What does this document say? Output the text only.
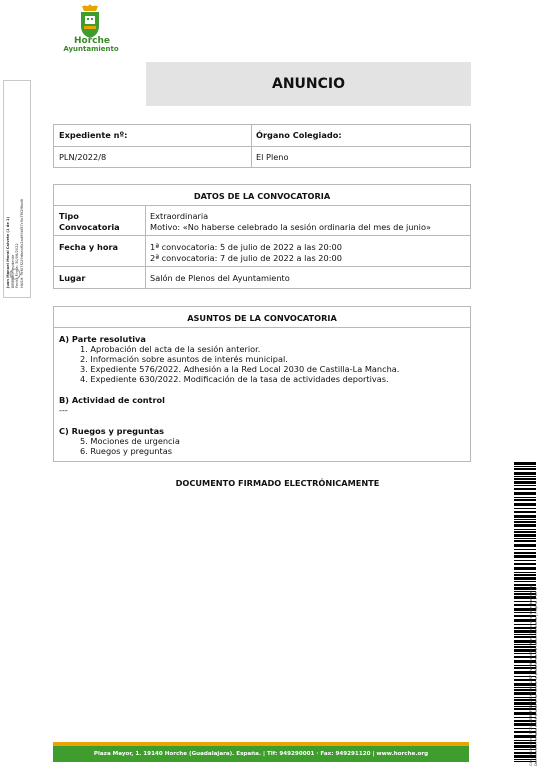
Horche
Ayuntamiento
ANUNCIO
Expediente nº:
PLN/2022/8
Órgano Colegiado:
El Pleno
DATOS DE LA CONVOCATORIA
Tipo
Convocatoria
Extraordinaria
Motivo: «No haberse celebrado la sesión ordinaria del mes de junio»
Fecha y hora	1ª convocatoria: 5 de julio de 2022 a las 20:00
2ª convocatoria: 7 de julio de 2022 a las 20:00
Lugar	Salón de Plenos del Ayuntamiento
ASUNTOS DE LA CONVOCATORIA
A) Parte resolutiva
1. Aprobación del acta de la sesión anterior.
2. Información sobre asuntos de interés municipal.
3. Expediente 576/2022. Adhesión a la Red Local 2030 de Castilla-La Mancha.
4. Expediente 630/2022. Modificación de la tasa de actividades deportivas.
B) Actividad de control
---
C) Ruegos y preguntas
5. Mociones de urgencia
6. Ruegos y preguntas
DOCUMENTO FIRMADO ELECTRÓNICAMENTE
Juan Manuel Moral Calvete (1 de 1) Alcalde-Presidente Fecha Firma: 30/06/2022 HASH: 9cf07f229dbeb6b2ad99bf57c9b7f92f6bd8
Cód. Validación: 9FZ4A4ER3FTNX7JLXAYHEKASF | Verificación: https://horche.sedelectronica.es/ Documento firmado electrónicamente desde la plataforma esPublico Gestiona | Página 1 de 1
Plaza Mayor, 1. 19140 Horche (Guadalajara). España. | Tlf: 949290001 · Fax: 949291120 | www.horche.org
